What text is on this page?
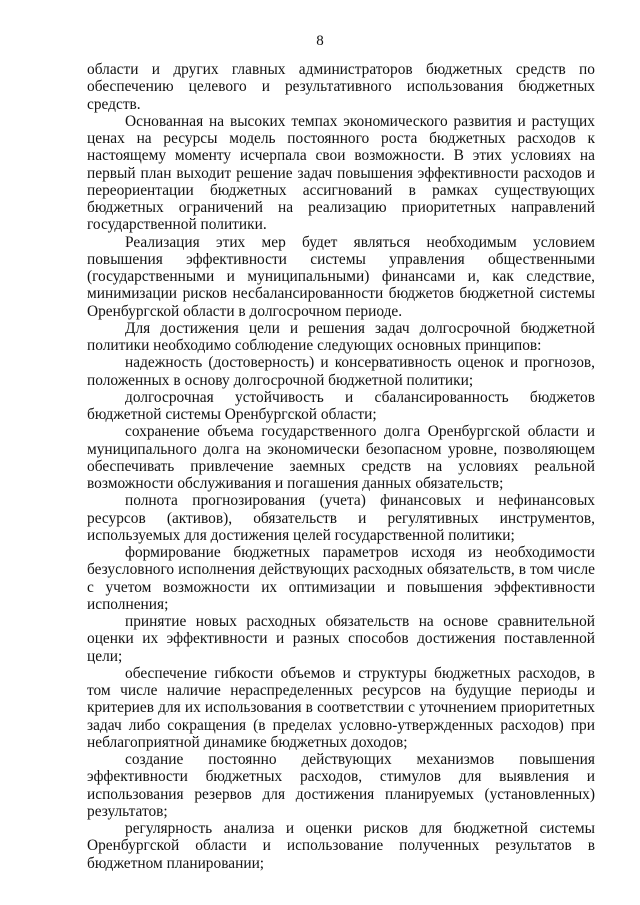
8

области и других главных администраторов бюджетных средств по обеспечению целевого и результативного использования бюджетных средств.

Основанная на высоких темпах экономического развития и растущих ценах на ресурсы модель постоянного роста бюджетных расходов к настоящему моменту исчерпала свои возможности. В этих условиях на первый план выходит решение задач повышения эффективности расходов и переориентации бюджетных ассигнований в рамках существующих бюджетных ограничений на реализацию приоритетных направлений государственной политики.

Реализация этих мер будет являться необходимым условием повышения эффективности системы управления общественными (государственными и муниципальными) финансами и, как следствие, минимизации рисков несбалансированности бюджетов бюджетной системы Оренбургской области в долгосрочном периоде.

Для достижения цели и решения задач долгосрочной бюджетной политики необходимо соблюдение следующих основных принципов:

надежность (достоверность) и консервативность оценок и прогнозов, положенных в основу долгосрочной бюджетной политики;

долгосрочная устойчивость и сбалансированность бюджетов бюджетной системы Оренбургской области;

сохранение объема государственного долга Оренбургской области и муниципального долга на экономически безопасном уровне, позволяющем обеспечивать привлечение заемных средств на условиях реальной возможности обслуживания и погашения данных обязательств;

полнота прогнозирования (учета) финансовых и нефинансовых ресурсов (активов), обязательств и регулятивных инструментов, используемых для достижения целей государственной политики;

формирование бюджетных параметров исходя из необходимости безусловного исполнения действующих расходных обязательств, в том числе с учетом возможности их оптимизации и повышения эффективности исполнения;

принятие новых расходных обязательств на основе сравнительной оценки их эффективности и разных способов достижения поставленной цели;

обеспечение гибкости объемов и структуры бюджетных расходов, в том числе наличие нераспределенных ресурсов на будущие периоды и критериев для их использования в соответствии с уточнением приоритетных задач либо сокращения (в пределах условно-утвержденных расходов) при неблагоприятной динамике бюджетных доходов;

создание постоянно действующих механизмов повышения эффективности бюджетных расходов, стимулов для выявления и использования резервов для достижения планируемых (установленных) результатов;

регулярность анализа и оценки рисков для бюджетной системы Оренбургской области и использование полученных результатов в бюджетном планировании;
